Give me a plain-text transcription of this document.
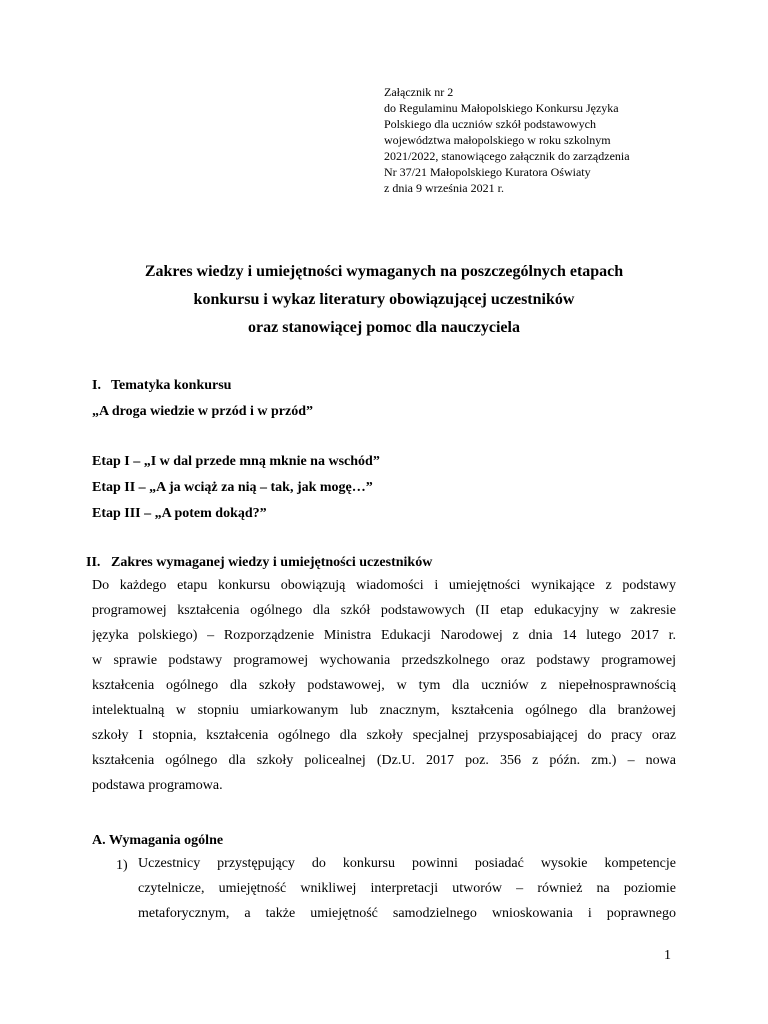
Załącznik nr 2
do Regulaminu Małopolskiego Konkursu Języka
Polskiego dla uczniów szkół podstawowych
województwa małopolskiego w roku szkolnym
2021/2022, stanowiącego załącznik do zarządzenia
Nr 37/21 Małopolskiego Kuratora Oświaty
z dnia 9 września 2021 r.
Zakres wiedzy i umiejętności wymaganych na poszczególnych etapach
konkursu i wykaz literatury obowiązującej uczestników
oraz stanowiącej pomoc dla nauczyciela
I. Tematyka konkursu
„A droga wiedzie w przód i w przód”
Etap I – „I w dal przede mną mknie na wschód”
Etap II – „A ja wciąż za nią – tak, jak mogę…”
Etap III – „A potem dokąd?”
II. Zakres wymaganej wiedzy i umiejętności uczestników
Do każdego etapu konkursu obowiązują wiadomości i umiejętności wynikające z podstawy
programowej kształcenia ogólnego dla szkół podstawowych (II etap edukacyjny w zakresie
języka polskiego) – Rozporządzenie Ministra Edukacji Narodowej z dnia 14 lutego 2017 r.
w sprawie podstawy programowej wychowania przedszkolnego oraz podstawy programowej
kształcenia ogólnego dla szkoły podstawowej, w tym dla uczniów z niepełnosprawnością
intelektualną w stopniu umiarkowanym lub znacznym, kształcenia ogólnego dla branżowej
szkoły I stopnia, kształcenia ogólnego dla szkoły specjalnej przysposabiającej do pracy oraz
kształcenia ogólnego dla szkoły policealnej (Dz.U. 2017 poz. 356 z późn. zm.) – nowa
podstawa programowa.
A. Wymagania ogólne
1) Uczestnicy przystępujący do konkursu powinni posiadać wysokie kompetencje
czytelnicze, umiejętność wnikliwej interpretacji utworów – również na poziomie
metaforycznym, a także umiejętność samodzielnego wnioskowania i poprawnego
1
